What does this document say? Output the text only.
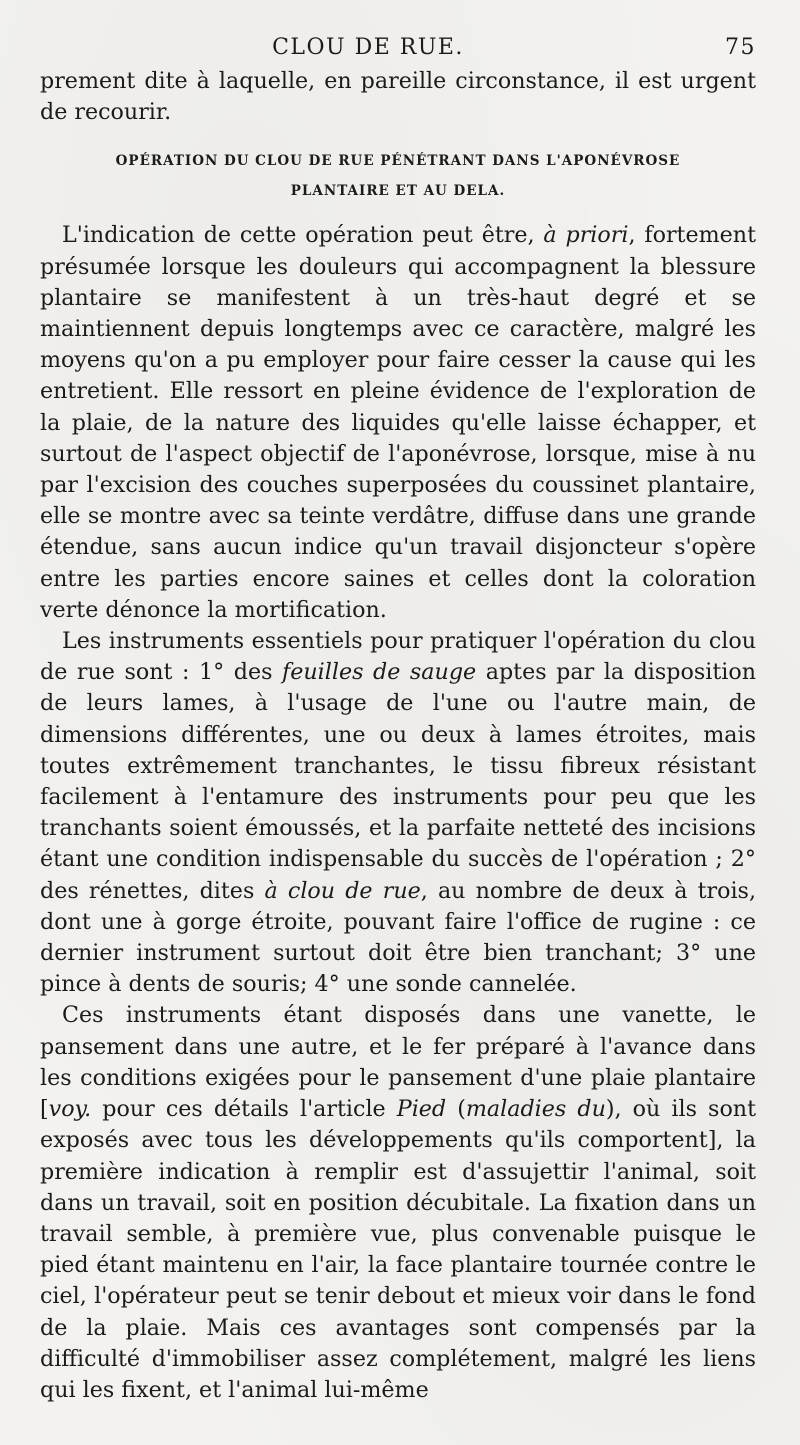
CLOU DE RUE.	75

prement dite à laquelle, en pareille circonstance, il est urgent de recourir.

OPÉRATION DU CLOU DE RUE PÉNÉTRANT DANS L'APONÉVROSE
PLANTAIRE ET AU DELA.

L'indication de cette opération peut être, à priori, fortement présumée lorsque les douleurs qui accompagnent la blessure plantaire se manifestent à un très-haut degré et se maintiennent depuis longtemps avec ce caractère, malgré les moyens qu'on a pu employer pour faire cesser la cause qui les entretient. Elle ressort en pleine évidence de l'exploration de la plaie, de la nature des liquides qu'elle laisse échapper, et surtout de l'aspect objectif de l'aponévrose, lorsque, mise à nu par l'excision des couches superposées du coussinet plantaire, elle se montre avec sa teinte verdâtre, diffuse dans une grande étendue, sans aucun indice qu'un travail disjoncteur s'opère entre les parties encore saines et celles dont la coloration verte dénonce la mortification.

Les instruments essentiels pour pratiquer l'opération du clou de rue sont : 1° des feuilles de sauge aptes par la disposition de leurs lames, à l'usage de l'une ou l'autre main, de dimensions différentes, une ou deux à lames étroites, mais toutes extrêmement tranchantes, le tissu fibreux résistant facilement à l'entamure des instruments pour peu que les tranchants soient émoussés, et la parfaite netteté des incisions étant une condition indispensable du succès de l'opération ; 2° des rénettes, dites à clou de rue, au nombre de deux à trois, dont une à gorge étroite, pouvant faire l'office de rugine : ce dernier instrument surtout doit être bien tranchant; 3° une pince à dents de souris; 4° une sonde cannelée.

Ces instruments étant disposés dans une vanette, le pansement dans une autre, et le fer préparé à l'avance dans les conditions exigées pour le pansement d'une plaie plantaire [voy. pour ces détails l'article Pied (maladies du), où ils sont exposés avec tous les développements qu'ils comportent], la première indication à remplir est d'assujettir l'animal, soit dans un travail, soit en position décubitale. La fixation dans un travail semble, à première vue, plus convenable puisque le pied étant maintenu en l'air, la face plantaire tournée contre le ciel, l'opérateur peut se tenir debout et mieux voir dans le fond de la plaie. Mais ces avantages sont compensés par la difficulté d'immobiliser assez complétement, malgré les liens qui les fixent, et l'animal lui-même
